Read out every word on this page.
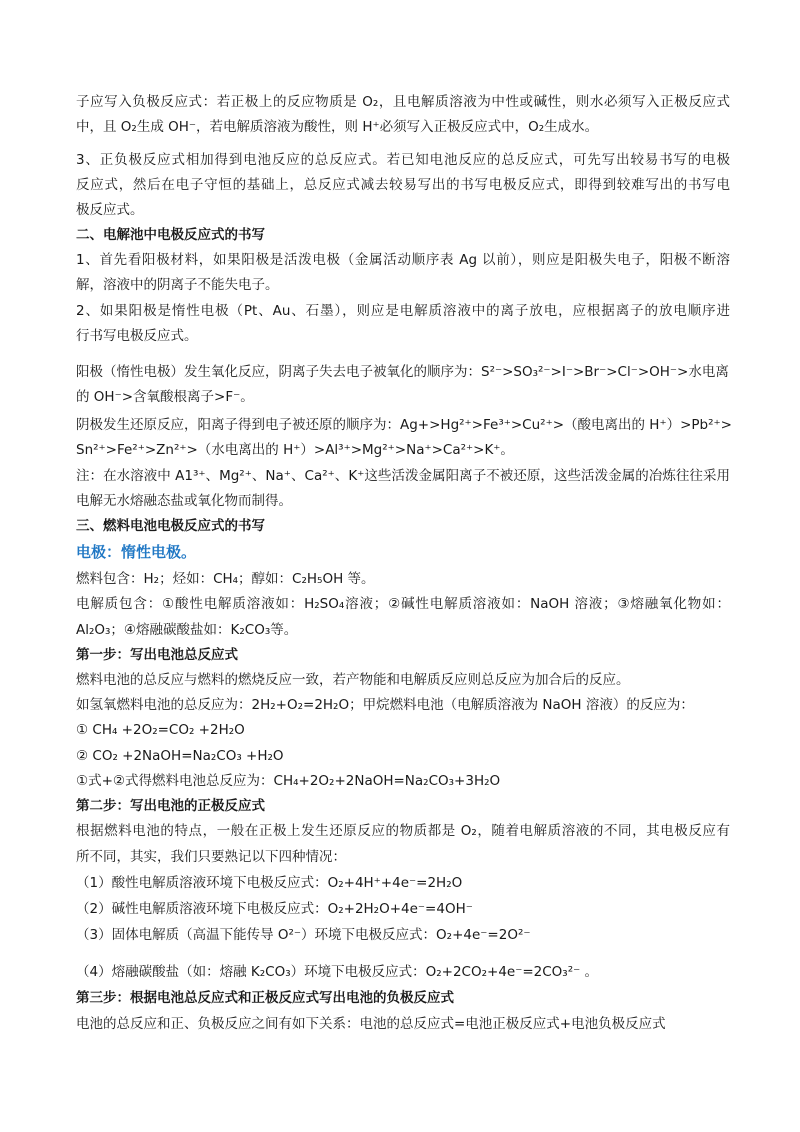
子应写入负极反应式：若正极上的反应物质是 O₂，且电解质溶液为中性或碱性，则水必须写入正极反应式
中，且 O₂生成 OH⁻，若电解质溶液为酸性，则 H⁺必须写入正极反应式中，O₂生成水。
3、正负极反应式相加得到电池反应的总反应式。若已知电池反应的总反应式，可先写出较易书写的电极
反应式，然后在电子守恒的基础上，总反应式减去较易写出的书写电极反应式，即得到较难写出的书写电
极反应式。
二、电解池中电极反应式的书写
1、首先看阳极材料，如果阳极是活泼电极（金属活动顺序表 Ag 以前），则应是阳极失电子，阳极不断溶
解，溶液中的阴离子不能失电子。
2、如果阳极是惰性电极（Pt、Au、石墨），则应是电解质溶液中的离子放电，应根据离子的放电顺序进
行书写电极反应式。
阳极（惰性电极）发生氧化反应，阴离子失去电子被氧化的顺序为：S²⁻>SO₃²⁻>I⁻>Br⁻>Cl⁻>OH⁻>水电离
的 OH⁻>含氧酸根离子>F⁻。
阴极发生还原反应，阳离子得到电子被还原的顺序为：Ag+>Hg²⁺>Fe³⁺>Cu²⁺>（酸电离出的 H⁺）>Pb²⁺>
Sn²⁺>Fe²⁺>Zn²⁺>（水电离出的 H⁺）>Al³⁺>Mg²⁺>Na⁺>Ca²⁺>K⁺。
注：在水溶液中 A1³⁺、Mg²⁺、Na⁺、Ca²⁺、K⁺这些活泼金属阳离子不被还原，这些活泼金属的冶炼往往采用
电解无水熔融态盐或氧化物而制得。
三、燃料电池电极反应式的书写
电极：惰性电极。
燃料包含：H₂；烃如：CH₄；醇如：C₂H₅OH 等。
电解质包含：①酸性电解质溶液如：H₂SO₄溶液；②碱性电解质溶液如：NaOH 溶液；③熔融氧化物如：
Al₂O₃；④熔融碳酸盐如：K₂CO₃等。
第一步：写出电池总反应式
燃料电池的总反应与燃料的燃烧反应一致，若产物能和电解质反应则总反应为加合后的反应。
如氢氧燃料电池的总反应为：2H₂+O₂=2H₂O；甲烷燃料电池（电解质溶液为 NaOH 溶液）的反应为：
① CH₄ +2O₂=CO₂ +2H₂O
② CO₂ +2NaOH=Na₂CO₃ +H₂O
①式+②式得燃料电池总反应为：CH₄+2O₂+2NaOH=Na₂CO₃+3H₂O
第二步：写出电池的正极反应式
根据燃料电池的特点，一般在正极上发生还原反应的物质都是 O₂，随着电解质溶液的不同，其电极反应有
所不同，其实，我们只要熟记以下四种情况：
（1）酸性电解质溶液环境下电极反应式：O₂+4H⁺+4e⁻=2H₂O
（2）碱性电解质溶液环境下电极反应式：O₂+2H₂O+4e⁻=4OH⁻
（3）固体电解质（高温下能传导 O²⁻）环境下电极反应式：O₂+4e⁻=2O²⁻
（4）熔融碳酸盐（如：熔融 K₂CO₃）环境下电极反应式：O₂+2CO₂+4e⁻=2CO₃²⁻ 。
第三步：根据电池总反应式和正极反应式写出电池的负极反应式
电池的总反应和正、负极反应之间有如下关系：电池的总反应式=电池正极反应式+电池负极反应式
